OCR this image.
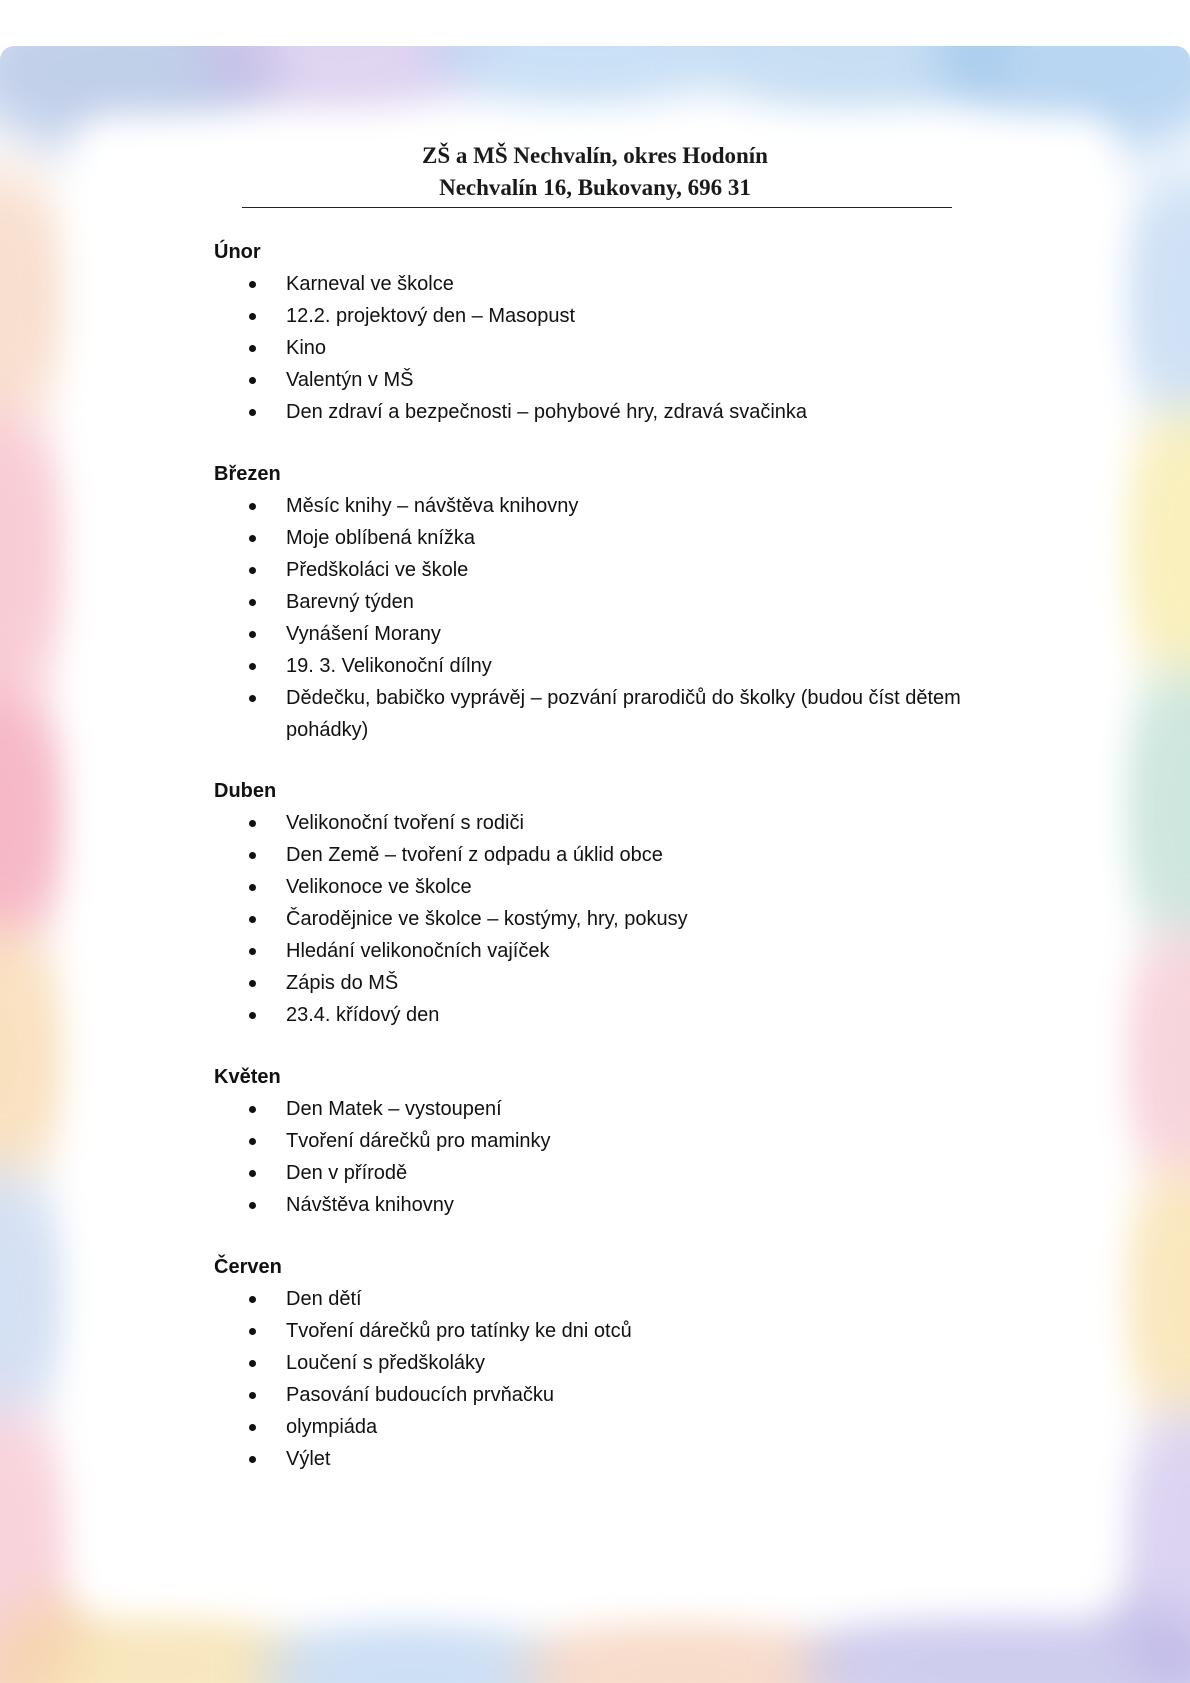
ZŠ a MŠ Nechvalín, okres Hodonín
Nechvalín 16, Bukovany, 696 31
Únor
Karneval ve školce
12.2. projektový den – Masopust
Kino
Valentýn v MŠ
Den zdraví a bezpečnosti – pohybové hry, zdravá svačinka
Březen
Měsíc knihy – návštěva knihovny
Moje oblíbená knížka
Předškoláci ve škole
Barevný týden
Vynášení Morany
19. 3. Velikonoční dílny
Dědečku, babičko vyprávěj – pozvání prarodičů do školky (budou číst dětem pohádky)
Duben
Velikonoční tvoření s rodiči
Den Země – tvoření z odpadu a úklid obce
Velikonoce ve školce
Čarodějnice ve školce – kostýmy, hry, pokusy
Hledání velikonočních vajíček
Zápis do MŠ
23.4. křídový den
Květen
Den Matek – vystoupení
Tvoření dárečků pro maminky
Den v přírodě
Návštěva knihovny
Červen
Den dětí
Tvoření dárečků pro tatínky ke dni otců
Loučení s předškoláky
Pasování budoucích prvňačku
olympiáda
Výlet
